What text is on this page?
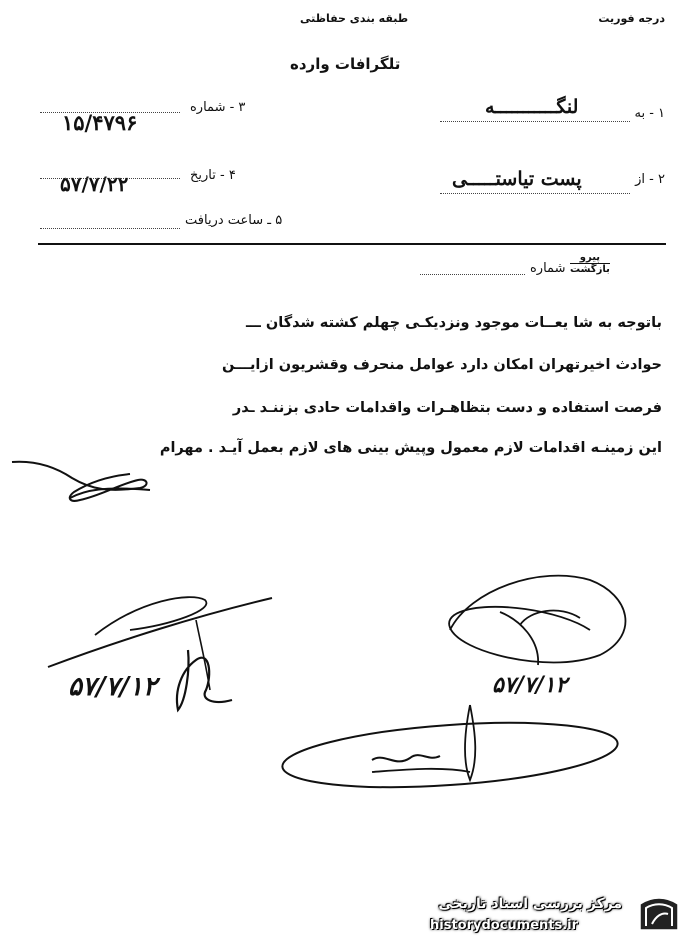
درجه فوریت
طبقه بندی حفاظتی
تلگرافات وارده
۱ - به
لنگـــــــــــه
۳ - شماره
۱۵/۴۷۹۶
۲ - از
پست تیاستـــــی
۴ - تاریخ
۵۷/۷/۲۲
۵ ـ ساعت دریافت
پیرو
بازگشت
شماره
باتوجه به شا یعــات موجود ونزدیکـی چهلم کشته شدگان ـــ
حوادث اخیرتهران امکان دارد عوامل منحرف وقشریون ازایـــن
فرصت استفاده و دست بتظاهـرات واقدامات حادی بزننـد ـدر
این زمینـه اقدامات لازم معمول وپیش بینی های لازم بعمل آیـد . مهرام
۵۷/۷/۱۲	۵۷/۷/۱۲
مرکز بررسی اسناد تاریخی
historydocuments.ir
